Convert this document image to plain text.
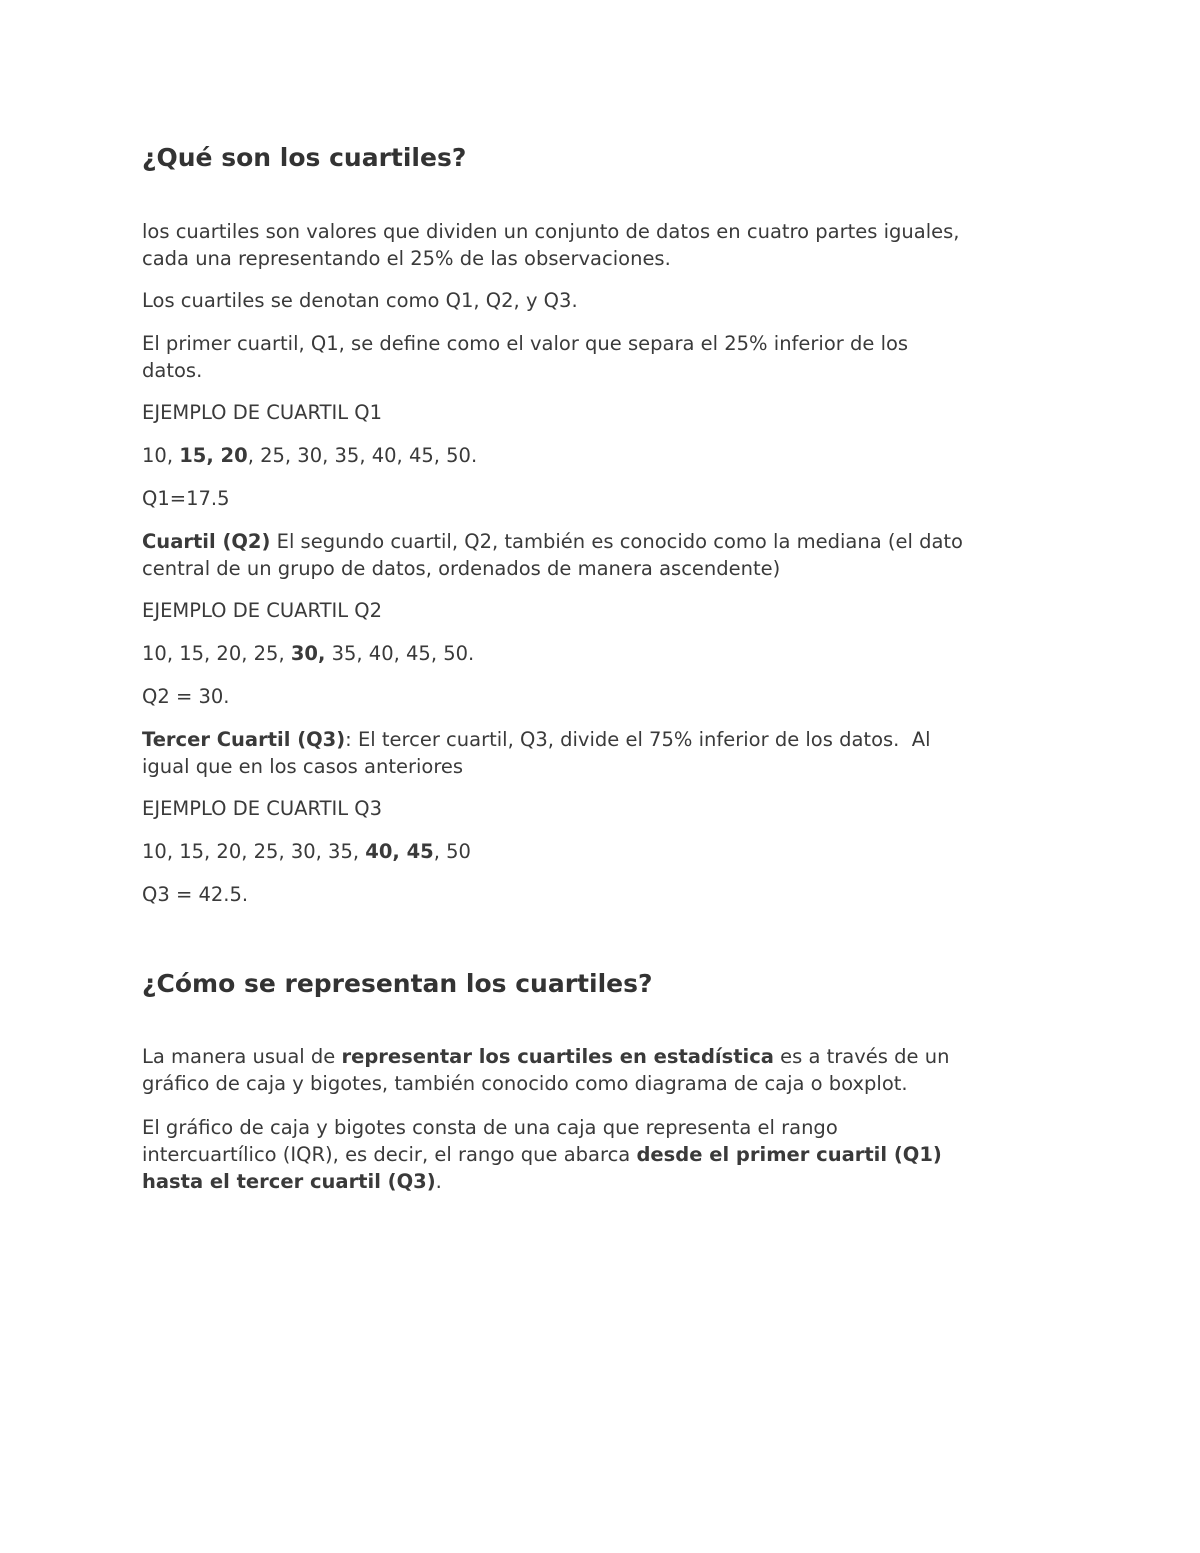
¿Qué son los cuartiles?

los cuartiles son valores que dividen un conjunto de datos en cuatro partes iguales,
cada una representando el 25% de las observaciones.

Los cuartiles se denotan como Q1, Q2, y Q3.

El primer cuartil, Q1, se define como el valor que separa el 25% inferior de los
datos.

EJEMPLO DE CUARTIL Q1

10, 15, 20, 25, 30, 35, 40, 45, 50.

Q1=17.5

Cuartil (Q2) El segundo cuartil, Q2, también es conocido como la mediana (el dato
central de un grupo de datos, ordenados de manera ascendente)

EJEMPLO DE CUARTIL Q2

10, 15, 20, 25, 30, 35, 40, 45, 50.

Q2 = 30.

Tercer Cuartil (Q3): El tercer cuartil, Q3, divide el 75% inferior de los datos.  Al
igual que en los casos anteriores

EJEMPLO DE CUARTIL Q3

10, 15, 20, 25, 30, 35, 40, 45, 50

Q3 = 42.5.

¿Cómo se representan los cuartiles?

La manera usual de representar los cuartiles en estadística es a través de un
gráfico de caja y bigotes, también conocido como diagrama de caja o boxplot.

El gráfico de caja y bigotes consta de una caja que representa el rango
intercuartílico (IQR), es decir, el rango que abarca desde el primer cuartil (Q1)
hasta el tercer cuartil (Q3).
